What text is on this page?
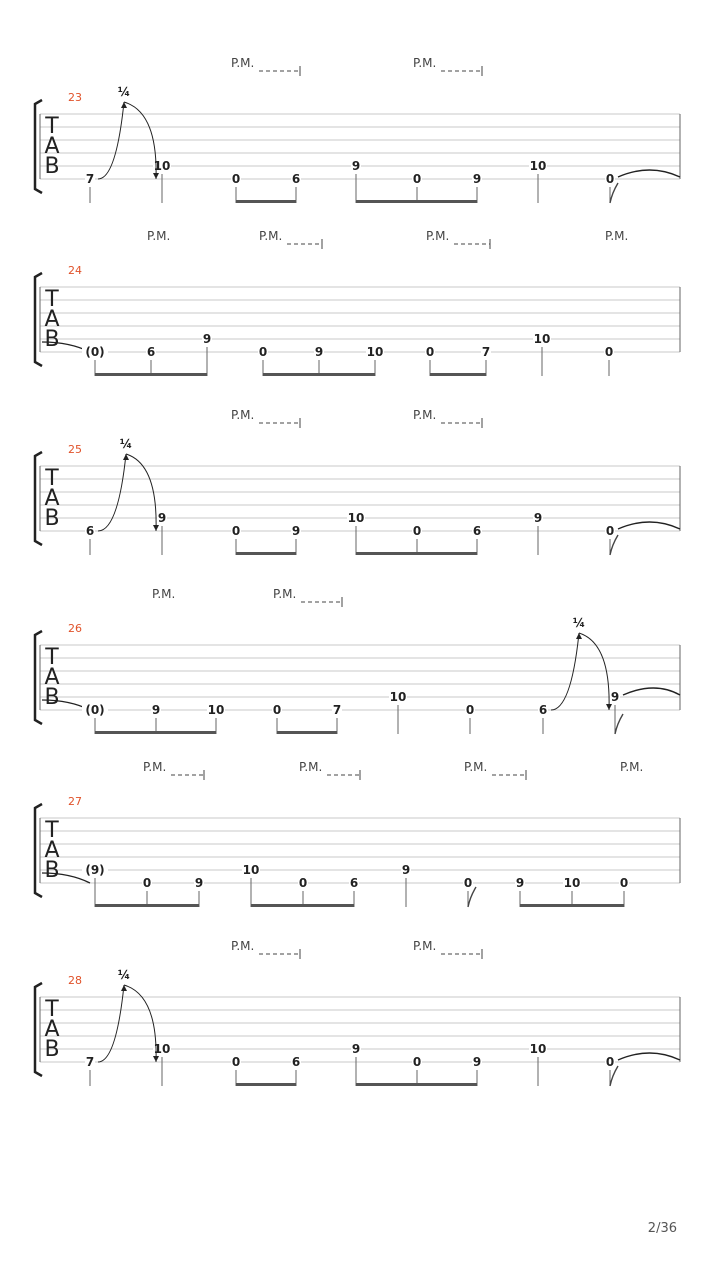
T
A
B
23
P.M.	P.M.
7
10
0	6
9
0	9
10
0
¼
T
A
B
24
P.M.	P.M.	P.M.	P.M.
(0)	6
9
0	9	10	0	7
10
0
T
A
B
25
P.M.	P.M.
6
9
0	9
10
0	6
9
0
¼
T
A
B
26
P.M.	P.M.
(0)	9	10	0	7
10
0	6
9
¼
T
A
B
27
P.M.	P.M.	P.M.	P.M.
(9)
0	9
10
0	6
9
0	9	10	0
T
A
B
28
P.M.	P.M.
7
10
0	6
9
0	9
10
0
¼
2/36
